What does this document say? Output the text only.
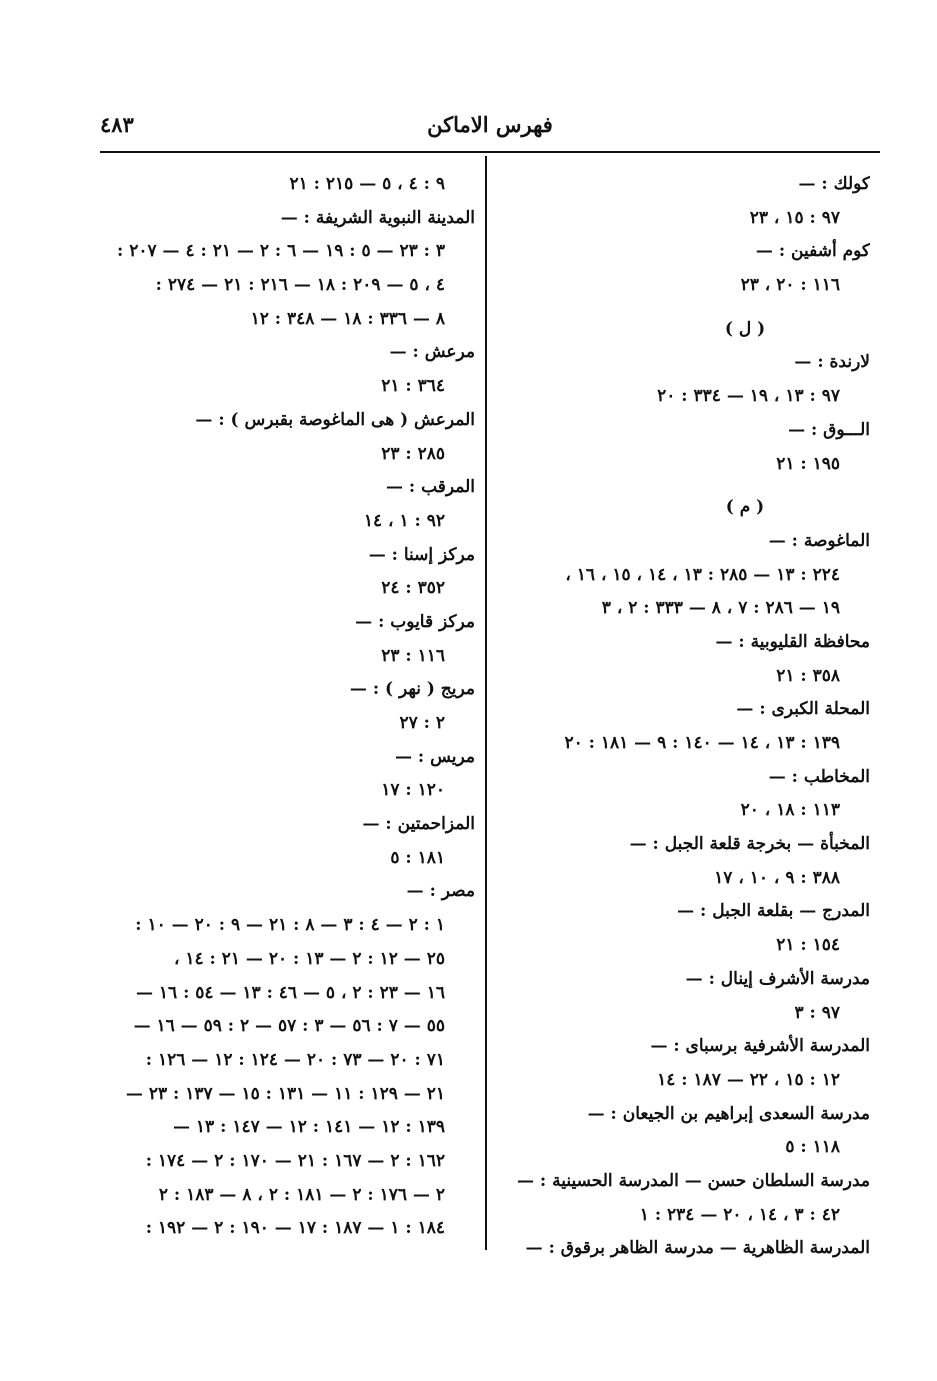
فهرس الاماكن
٤٨٣
كولك : —
٩٧ : ١٥ ، ٢٣
كوم أشفين : —
١١٦ : ٢٠ ، ٢٣
( ل )
لارندة : —
٩٧ : ١٣ ، ١٩ — ٣٣٤ : ٢٠
الـــوق : —
١٩٥ : ٢١
( م )
الماغوصة : —
٢٢٤ : ١٣ — ٢٨٥ : ١٣ ، ١٤ ، ١٥ ، ١٦ ،
١٩ — ٢٨٦ : ٧ ، ٨ — ٣٣٣ : ٢ ، ٣
محافظة القليوبية : —
٣٥٨ : ٢١
المحلة الكبرى : —
١٣٩ : ١٣ ، ١٤ — ١٤٠ : ٩ — ١٨١ : ٢٠
المخاطب : —
١١٣ : ١٨ ، ٢٠
المخبأة — بخرجة قلعة الجبل : —
٣٨٨ : ٩ ، ١٠ ، ١٧
المدرج — بقلعة الجبل : —
١٥٤ : ٢١
مدرسة الأشرف إينال : —
٩٧ : ٣
المدرسة الأشرفية برسباى : —
١٢ : ١٥ ، ٢٢ — ١٨٧ : ١٤
مدرسة السعدى إبراهيم بن الجيعان : —
١١٨ : ٥
مدرسة السلطان حسن — المدرسة الحسينية : —
٤٢ : ٣ ، ١٤ ، ٢٠ — ٢٣٤ : ١
المدرسة الظاهرية — مدرسة الظاهر برقوق : —
٩ : ٤ ، ٥ — ٢١٥ : ٢١
المدينة النبوية الشريفة : —
٣ : ٢٣ — ٥ : ١٩ — ٦ : ٢ — ٢١ : ٤ — ٢٠٧ :
٤ ، ٥ — ٢٠٩ : ١٨ — ٢١٦ : ٢١ — ٢٧٤ :
٨ — ٣٣٦ : ١٨ — ٣٤٨ : ١٢
مرعش : —
٣٦٤ : ٢١
المرعش ( هى الماغوصة بقبرس ) : —
٢٨٥ : ٢٣
المرقب : —
٩٢ : ١ ، ١٤
مركز إسنا : —
٣٥٢ : ٢٤
مركز قايوب : —
١١٦ : ٢٣
مريج ( نهر ) : —
٢ : ٢٧
مريس : —
١٢٠ : ١٧
المزاحمتين : —
١٨١ : ٥
مصر : —
١ : ٢ — ٤ : ٣ — ٨ : ٢١ — ٩ : ٢٠ — ١٠ :
٢٥ — ١٢ : ٢ — ١٣ : ٢٠ — ٢١ : ١٤ ،
١٦ — ٢٣ : ٢ ، ٥ — ٤٦ : ١٣ — ٥٤ : ١٦ —
٥٥ — ٧ : ٥٦ — ٣ : ٥٧ — ٢ : ٥٩ — ١٦ —
٧١ : ٢٠ — ٧٣ : ٢٠ — ١٢٤ : ١٢ — ١٢٦ :
٢١ — ١٢٩ : ١١ — ١٣١ : ١٥ — ١٣٧ : ٢٣ —
١٣٩ : ١٢ — ١٤١ : ١٢ — ١٤٧ : ١٣ —
١٦٢ : ٢ — ١٦٧ : ٢١ — ١٧٠ : ٢ — ١٧٤ :
٢ — ١٧٦ : ٢ — ١٨١ : ٢ ، ٨ — ١٨٣ : ٢
١٨٤ : ١ — ١٨٧ : ١٧ — ١٩٠ : ٢ — ١٩٢ :
